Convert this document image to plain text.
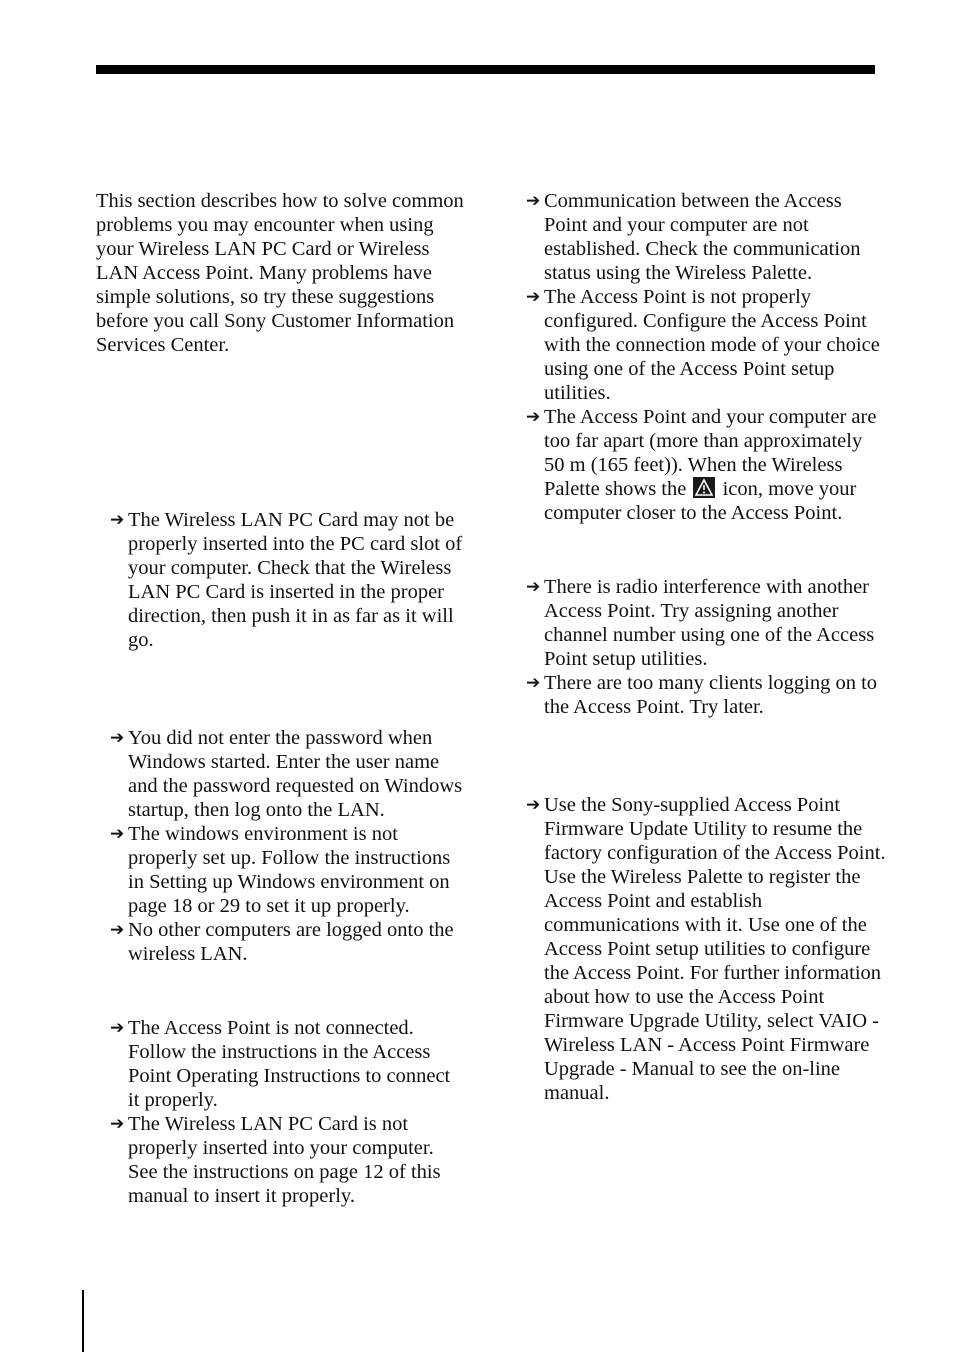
This section describes how to solve common problems you may encounter when using your Wireless LAN PC Card or Wireless LAN Access Point. Many problems have simple solutions, so try these suggestions before you call Sony Customer Information Services Center.

➔ The Wireless LAN PC Card may not be properly inserted into the PC card slot of your computer. Check that the Wireless LAN PC Card is inserted in the proper direction, then push it in as far as it will go.
➔ You did not enter the password when Windows started. Enter the user name and the password requested on Windows startup, then log onto the LAN.
➔ The windows environment is not properly set up. Follow the instructions in Setting up Windows environment on page 18 or 29 to set it up properly.
➔ No other computers are logged onto the wireless LAN.
➔ The Access Point is not connected. Follow the instructions in the Access Point Operating Instructions to connect it properly.
➔ The Wireless LAN PC Card is not properly inserted into your computer. See the instructions on page 12 of this manual to insert it properly.
➔ Communication between the Access Point and your computer are not established. Check the communication status using the Wireless Palette.
➔ The Access Point is not properly configured. Configure the Access Point with the connection mode of your choice using one of the Access Point setup utilities.
➔ The Access Point and your computer are too far apart (more than approximately 50 m (165 feet)). When the Wireless Palette shows the icon, move your computer closer to the Access Point.
➔ There is radio interference with another Access Point. Try assigning another channel number using one of the Access Point setup utilities.
➔ There are too many clients logging on to the Access Point. Try later.
➔ Use the Sony-supplied Access Point Firmware Update Utility to resume the factory configuration of the Access Point. Use the Wireless Palette to register the Access Point and establish communications with it. Use one of the Access Point setup utilities to configure the Access Point. For further information about how to use the Access Point Firmware Upgrade Utility, select VAIO - Wireless LAN - Access Point Firmware Upgrade - Manual to see the on-line manual.
